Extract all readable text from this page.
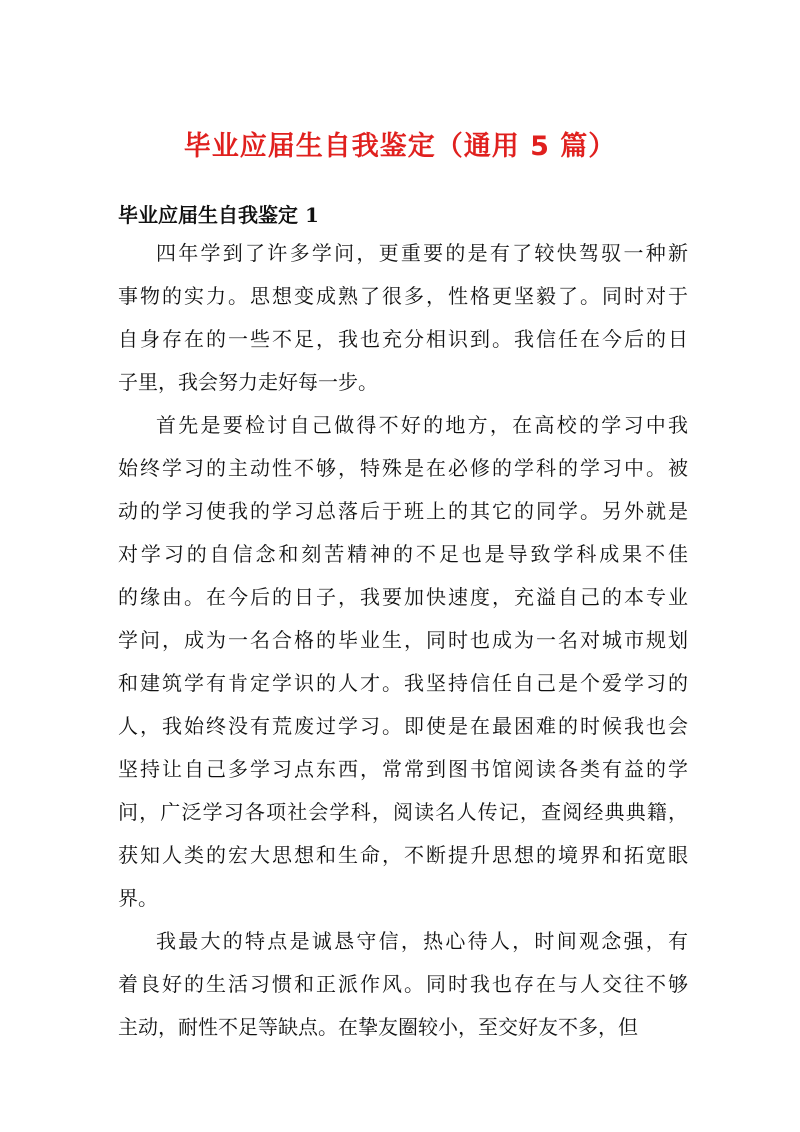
毕业应届生自我鉴定（通用 5 篇）
毕业应届生自我鉴定 1

四年学到了许多学问，更重要的是有了较快驾驭一种新
事物的实力。思想变成熟了很多，性格更坚毅了。同时对于
自身存在的一些不足，我也充分相识到。我信任在今后的日
子里，我会努力走好每一步。

首先是要检讨自己做得不好的地方，在高校的学习中我
始终学习的主动性不够，特殊是在必修的学科的学习中。被
动的学习使我的学习总落后于班上的其它的同学。另外就是
对学习的自信念和刻苦精神的不足也是导致学科成果不佳
的缘由。在今后的日子，我要加快速度，充溢自己的本专业
学问，成为一名合格的毕业生，同时也成为一名对城市规划
和建筑学有肯定学识的人才。我坚持信任自己是个爱学习的
人，我始终没有荒废过学习。即使是在最困难的时候我也会
坚持让自己多学习点东西，常常到图书馆阅读各类有益的学
问，广泛学习各项社会学科，阅读名人传记，查阅经典典籍，
获知人类的宏大思想和生命，不断提升思想的境界和拓宽眼
界。

我最大的特点是诚恳守信，热心待人，时间观念强，有
着良好的生活习惯和正派作风。同时我也存在与人交往不够
主动，耐性不足等缺点。在挚友圈较小，至交好友不多，但
